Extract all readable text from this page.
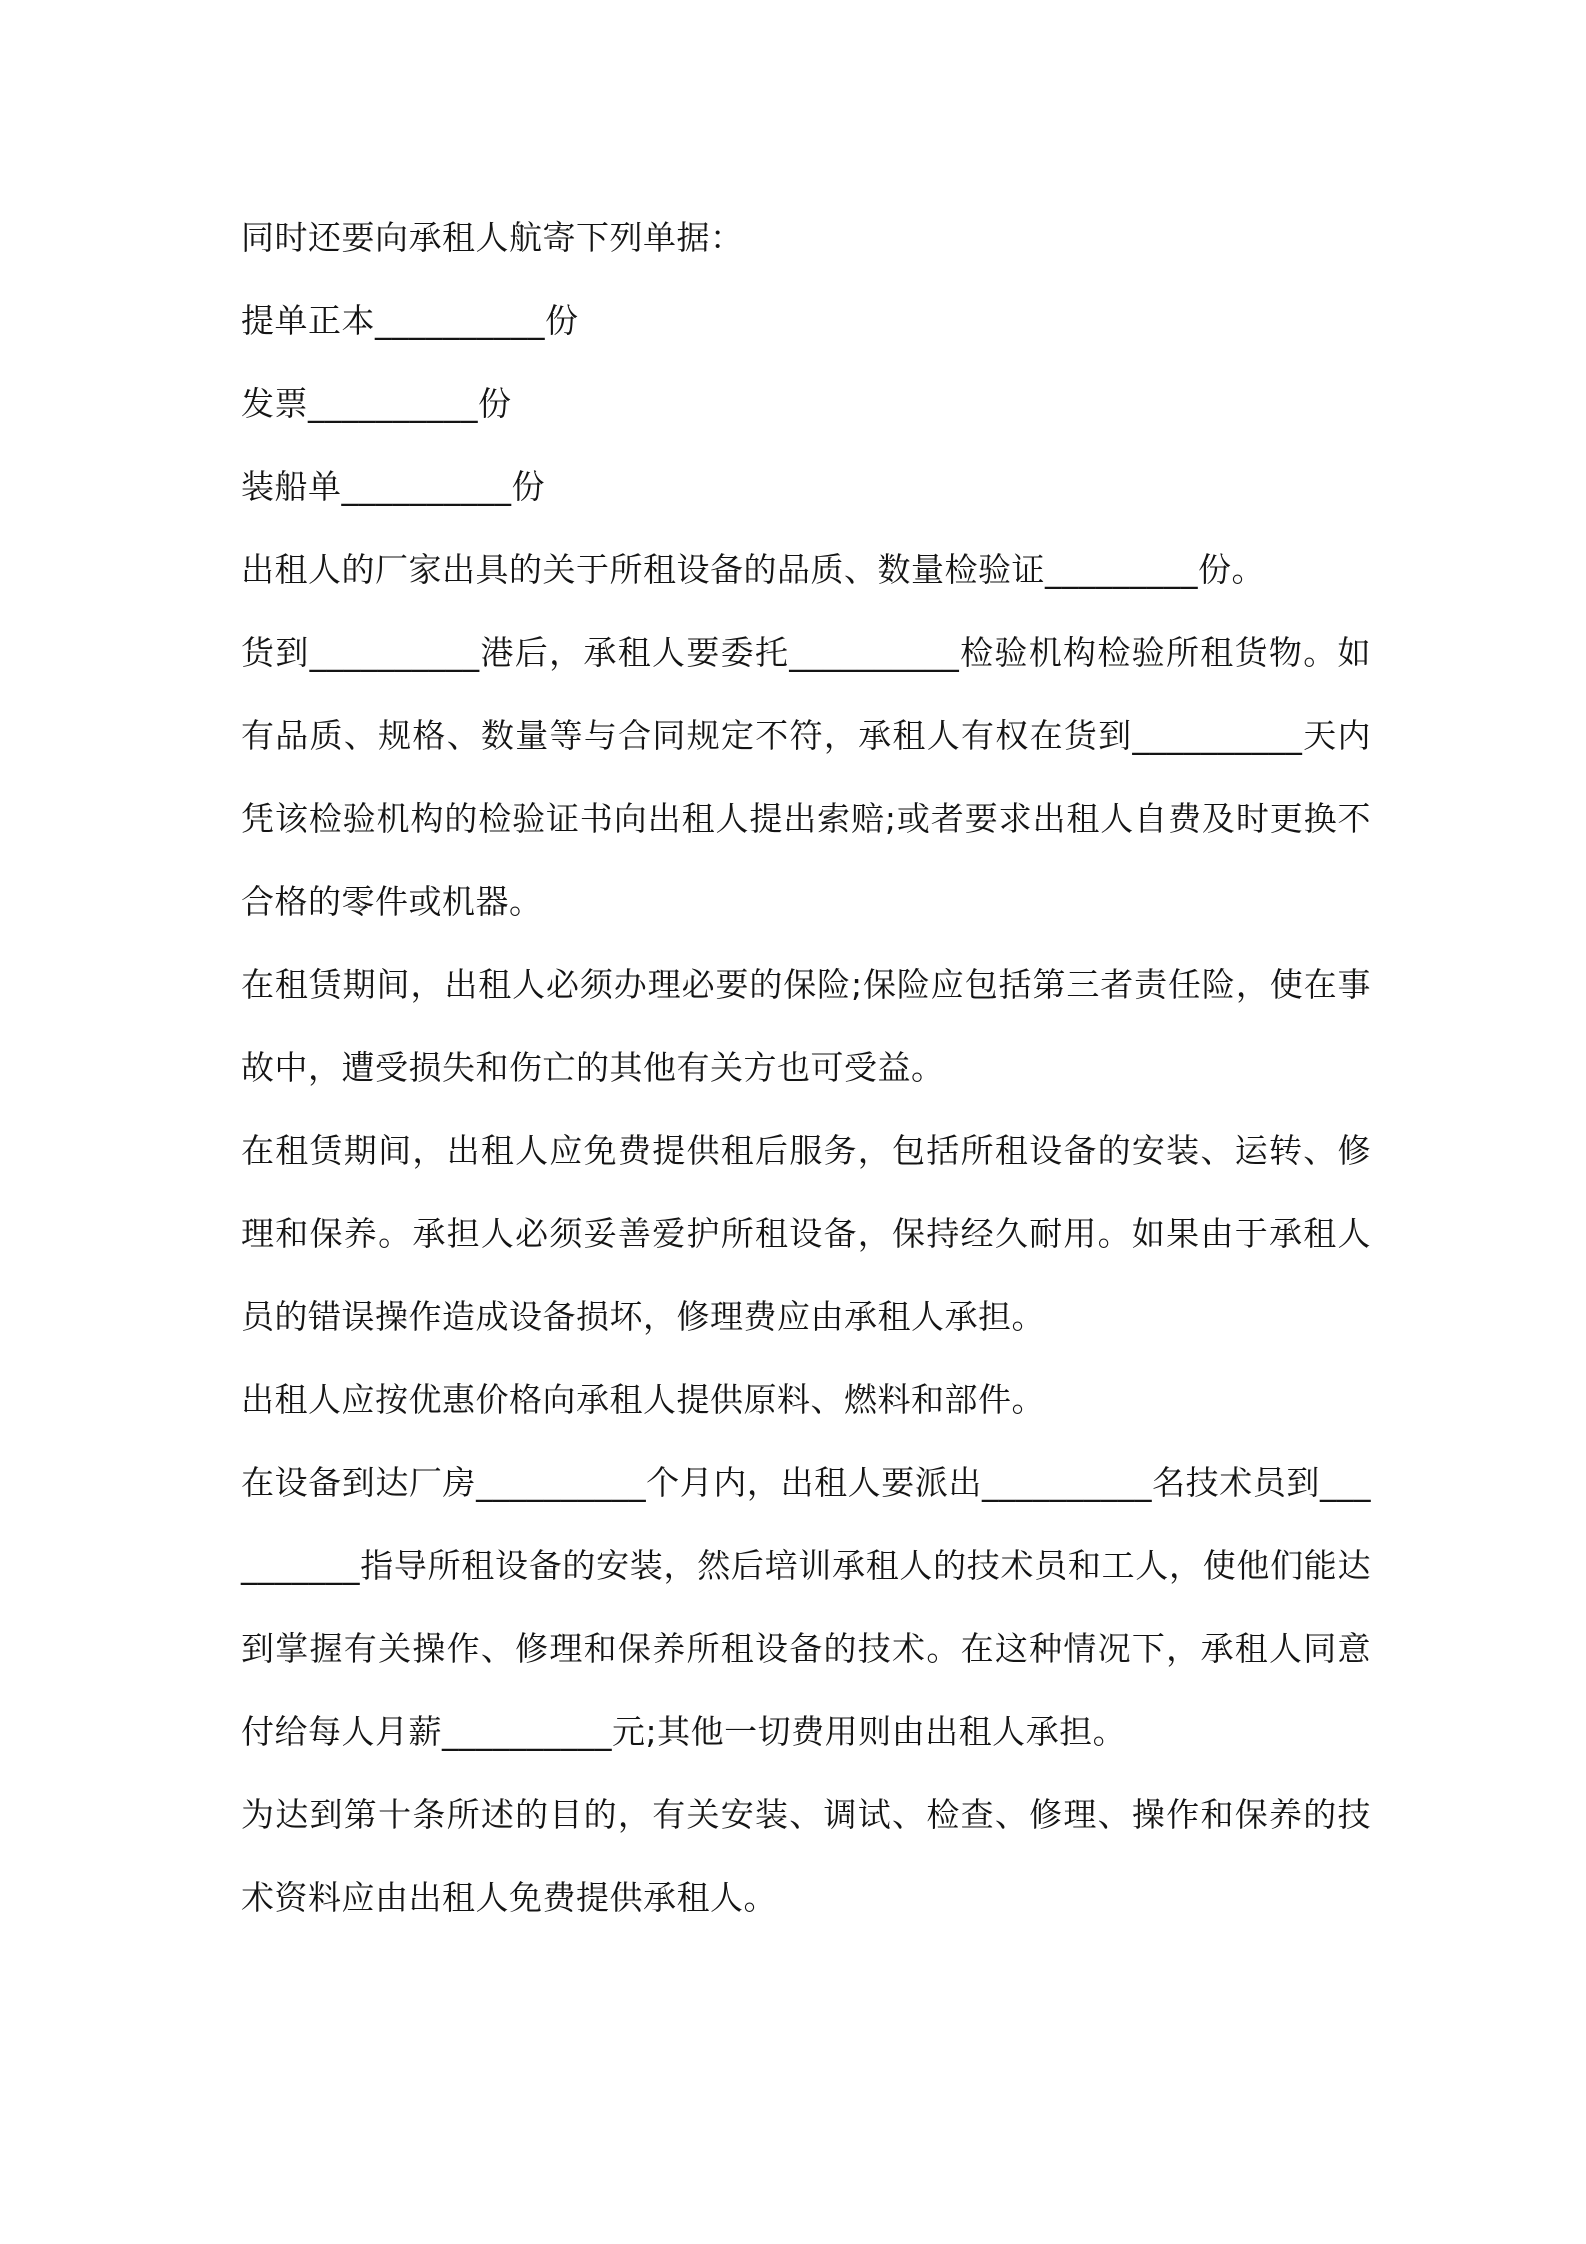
同时还要向承租人航寄下列单据：

提单正本__________份

发票__________份

装船单__________份

出租人的厂家出具的关于所租设备的品质、数量检验证_________份。

货到__________港后，承租人要委托__________检验机构检验所租货物。如有品质、规格、数量等与合同规定不符，承租人有权在货到__________天内凭该检验机构的检验证书向出租人提出索赔;或者要求出租人自费及时更换不合格的零件或机器。

在租赁期间，出租人必须办理必要的保险;保险应包括第三者责任险，使在事故中，遭受损失和伤亡的其他有关方也可受益。

在租赁期间，出租人应免费提供租后服务，包括所租设备的安装、运转、修理和保养。承担人必须妥善爱护所租设备，保持经久耐用。如果由于承租人员的错误操作造成设备损坏，修理费应由承租人承担。

出租人应按优惠价格向承租人提供原料、燃料和部件。

在设备到达厂房__________个月内，出租人要派出__________名技术员到__________指导所租设备的安装，然后培训承租人的技术员和工人，使他们能达到掌握有关操作、修理和保养所租设备的技术。在这种情况下，承租人同意付给每人月薪__________元;其他一切费用则由出租人承担。

为达到第十条所述的目的，有关安装、调试、检查、修理、操作和保养的技术资料应由出租人免费提供承租人。
